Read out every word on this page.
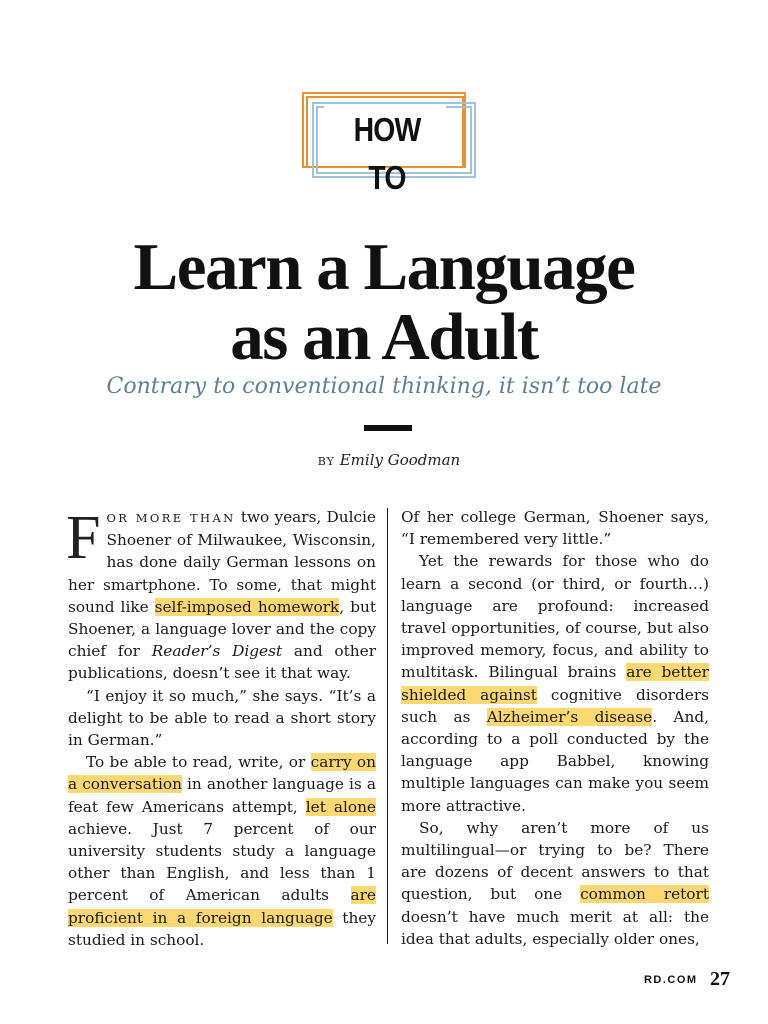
HOW TO
Learn a Language
as an Adult
Contrary to conventional thinking, it isn’t too late
BY Emily Goodman

FOR MORE THAN two years, Dulcie Shoener of Milwaukee, Wisconsin, has done daily German lessons on her smartphone. To some, that might sound like self-imposed homework, but Shoener, a language lover and the copy chief for Reader’s Digest and other publications, doesn’t see it that way.

“I enjoy it so much,” she says. “It’s a delight to be able to read a short story in German.”

To be able to read, write, or carry on a conversation in another language is a feat few Americans attempt, let alone achieve. Just 7 percent of our university students study a language other than English, and less than 1 percent of American adults are proficient in a foreign language they studied in school.

Of her college German, Shoener says, “I remembered very little.”

Yet the rewards for those who do learn a second (or third, or fourth…) language are profound: increased travel opportunities, of course, but also improved memory, focus, and ability to multitask. Bilingual brains are better shielded against cognitive disorders such as Alzheimer’s disease. And, according to a poll conducted by the language app Babbel, knowing multiple languages can make you seem more attractive.

So, why aren’t more of us multilingual—or trying to be? There are dozens of decent answers to that question, but one common retort doesn’t have much merit at all: the idea that adults, especially older ones,

RD.COM 27
